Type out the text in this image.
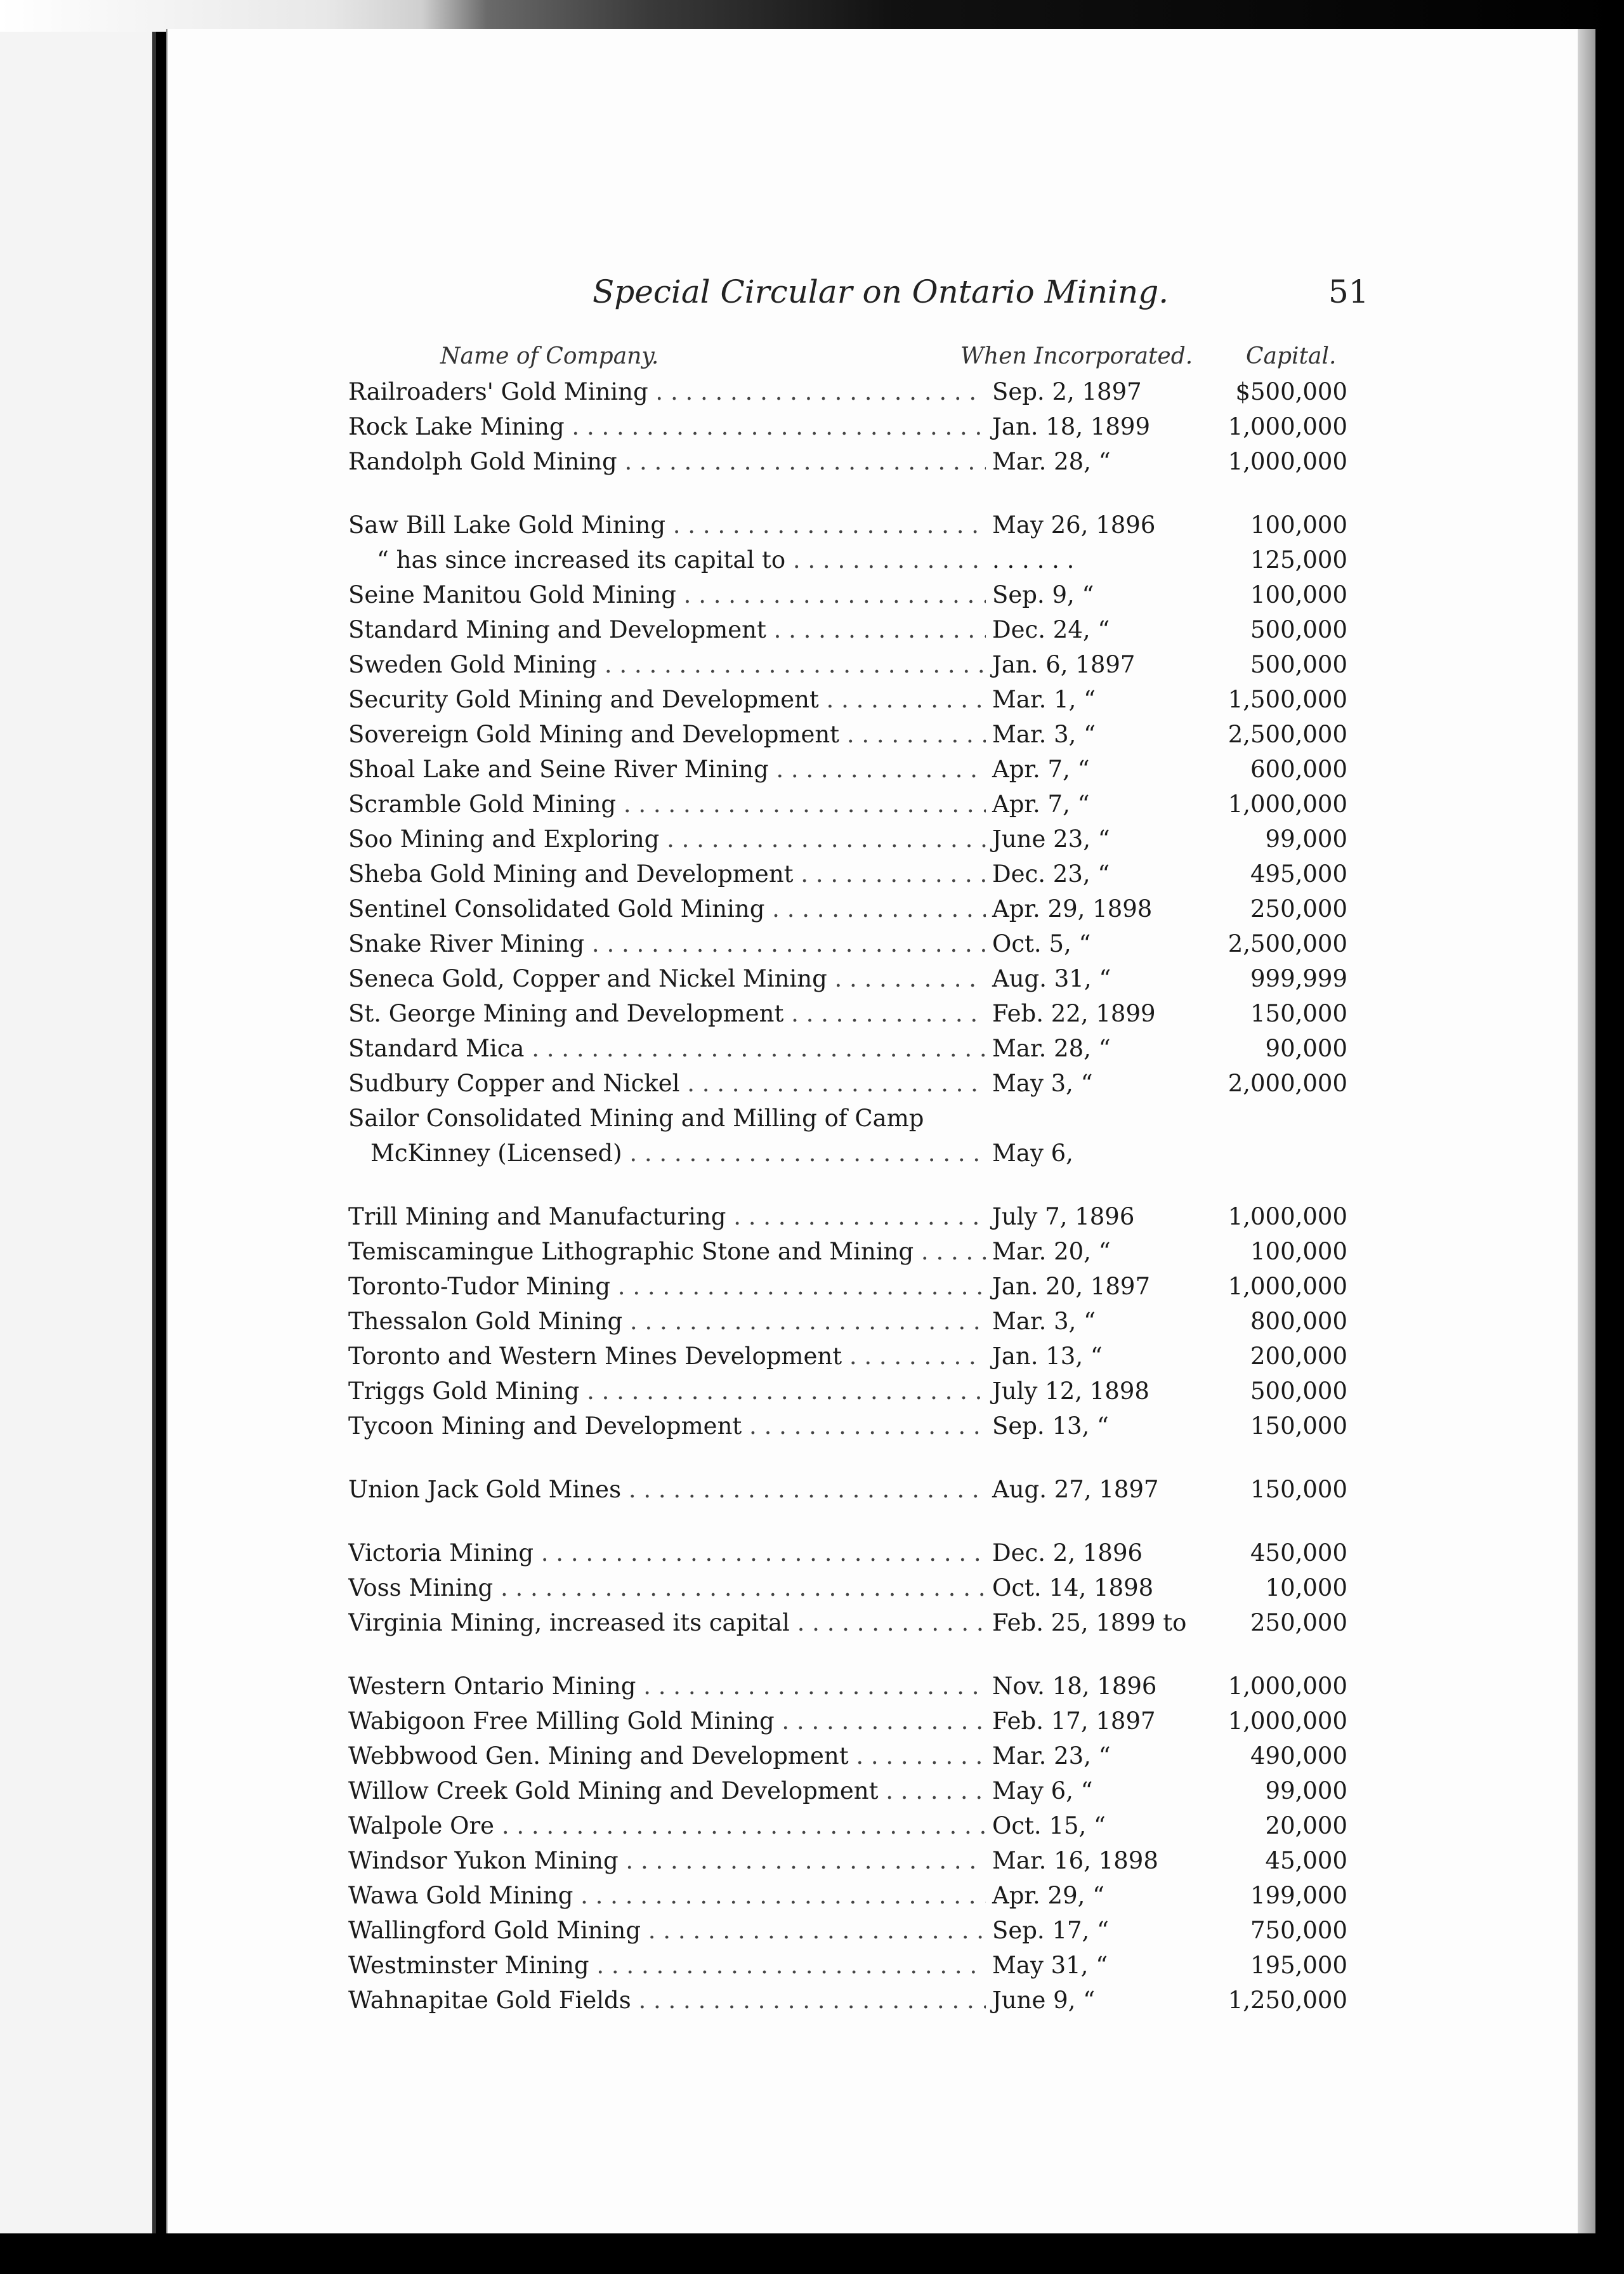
Special Circular on Ontario Mining.	51
Name of Company.	When Incorporated. Capital.
Railroaders' Gold Mining . . .	Sep. 2, 1897	$500,000
Rock Lake Mining . . .	Jan. 18, 1899	1,000,000
Randolph Gold Mining . . .	Mar. 28, “	1,000,000
Saw Bill Lake Gold Mining . . .	May 26, 1896	100,000
“ has since increased its capital to . . .	. . . . . .	125,000
Seine Manitou Gold Mining . . .	Sep. 9, “	100,000
Standard Mining and Development . . .	Dec. 24, “	500,000
Sweden Gold Mining . . .	Jan. 6, 1897	500,000
Security Gold Mining and Development . . .	Mar. 1, “	1,500,000
Sovereign Gold Mining and Development . . .	Mar. 3, “	2,500,000
Shoal Lake and Seine River Mining . . .	Apr. 7, “	600,000
Scramble Gold Mining . . .	Apr. 7, “	1,000,000
Soo Mining and Exploring . . .	June 23, “	99,000
Sheba Gold Mining and Development . . .	Dec. 23, “	495,000
Sentinel Consolidated Gold Mining . . .	Apr. 29, 1898	250,000
Snake River Mining . . .	Oct. 5, “	2,500,000
Seneca Gold, Copper and Nickel Mining . . .	Aug. 31, “	999,999
St. George Mining and Development . . .	Feb. 22, 1899	150,000
Standard Mica . . .	Mar. 28, “	90,000
Sudbury Copper and Nickel . . .	May 3, “	2,000,000
Sailor Consolidated Mining and Milling of Camp
McKinney (Licensed) . . .	May 6,
Trill Mining and Manufacturing . . .	July 7, 1896	1,000,000
Temiscamingue Lithographic Stone and Mining . . .	Mar. 20, “	100,000
Toronto-Tudor Mining . . .	Jan. 20, 1897	1,000,000
Thessalon Gold Mining . . .	Mar. 3, “	800,000
Toronto and Western Mines Development . . .	Jan. 13, “	200,000
Triggs Gold Mining . . .	July 12, 1898	500,000
Tycoon Mining and Development . . .	Sep. 13, “	150,000
Union Jack Gold Mines . . .	Aug. 27, 1897	150,000
Victoria Mining . . .	Dec. 2, 1896	450,000
Voss Mining . . .	Oct. 14, 1898	10,000
Virginia Mining, increased its capital . . .	Feb. 25, 1899 to	250,000
Western Ontario Mining . . .	Nov. 18, 1896	1,000,000
Wabigoon Free Milling Gold Mining . . .	Feb. 17, 1897	1,000,000
Webbwood Gen. Mining and Development . . .	Mar. 23, “	490,000
Willow Creek Gold Mining and Development . . .	May 6, “	99,000
Walpole Ore . . .	Oct. 15, “	20,000
Windsor Yukon Mining . . .	Mar. 16, 1898	45,000
Wawa Gold Mining . . .	Apr. 29, “	199,000
Wallingford Gold Mining . . .	Sep. 17, “	750,000
Westminster Mining . . .	May 31, “	195,000
Wahnapitae Gold Fields . . .	June 9, “	1,250,000
